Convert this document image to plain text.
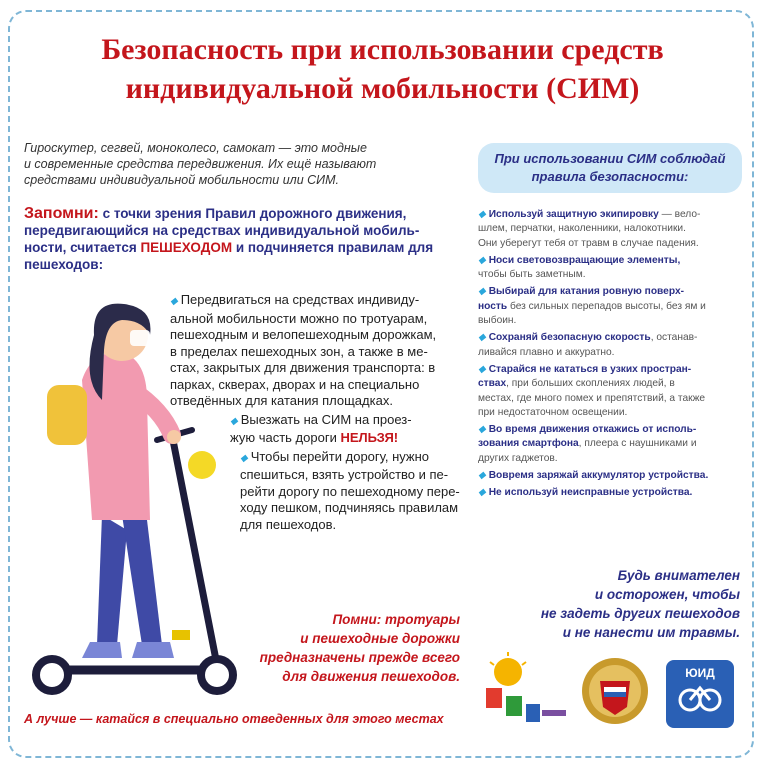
Безопасность при использовании средств
индивидуальной мобильности (СИМ)
Гироскутер, сегвей, моноколесо, самокат — это модные
и современные средства передвижения. Их ещё называют
средствами индивидуальной мобильности или СИМ.
Запомни: с точки зрения Правил дорожного движения,
передвигающийся на средствах индивидуальной мобиль-
ности, считается ПЕШЕХОДОМ и подчиняется правилам для
пешеходов:
◆ Передвигаться на средствах индивиду-
альной мобильности можно по тротуарам,
пешеходным и велопешеходным дорожкам,
в пределах пешеходных зон, а также в ме-
стах, закрытых для движения транспорта: в
парках, скверах, дворах и на специально
отведённых для катания площадках.
◆ Выезжать на СИМ на проез-
жую часть дороги НЕЛЬЗЯ!
◆ Чтобы перейти дорогу, нужно
спешиться, взять устройство и пе-
рейти дорогу по пешеходному пере-
ходу пешком, подчиняясь правилам
для пешеходов.
Помни: тротуары
и пешеходные дорожки
предназначены прежде всего
для движения пешеходов.
А лучше — катайся в специально отведенных для этого местах
При использовании СИМ соблюдай
правила безопасности:
◆ Используй защитную экипировку — вело-
шлем, перчатки, наколенники, налокотники.
Они уберегут тебя от травм в случае падения.
◆ Носи световозвращающие элементы,
чтобы быть заметным.
◆ Выбирай для катания ровную поверх-
ность без сильных перепадов высоты, без ям и
выбоин.
◆ Сохраняй безопасную скорость, останав-
ливайся плавно и аккуратно.
◆ Старайся не кататься в узких простран-
ствах, при больших скоплениях людей, в
местах, где много помех и препятствий, а также
при недостаточном освещении.
◆ Во время движения откажись от исполь-
зования смартфона, плеера с наушниками и
других гаджетов.
◆ Вовремя заряжай аккумулятор устройства.
◆ Не используй неисправные устройства.
Будь внимателен
и осторожен, чтобы
не задеть других пешеходов
и не нанести им травмы.
ЮИД
